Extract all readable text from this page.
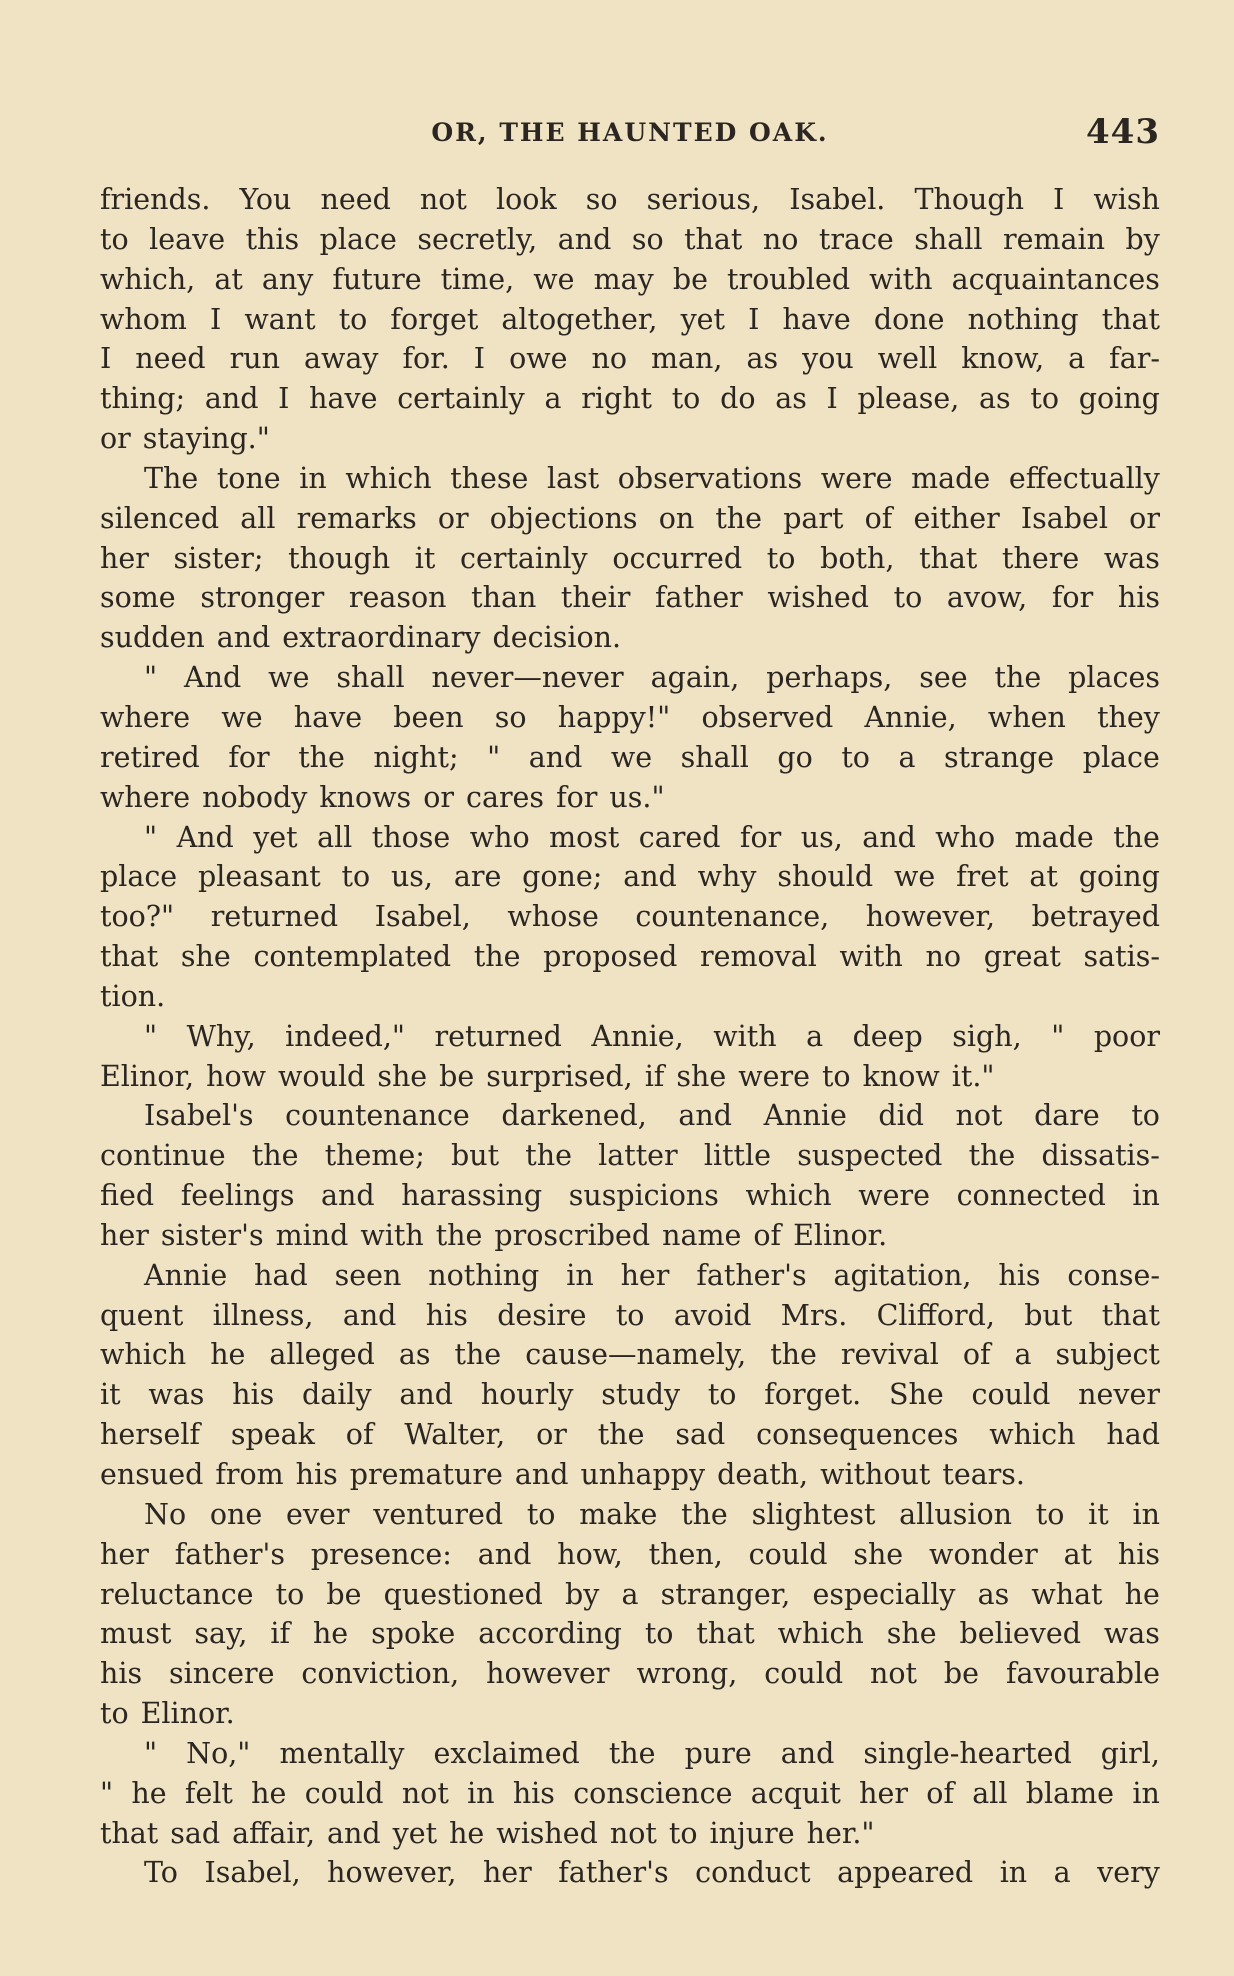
OR, THE HAUNTED OAK.	443
friends. You need not look so serious, Isabel. Though I wish
to leave this place secretly, and so that no trace shall remain by
which, at any future time, we may be troubled with acquaintances
whom I want to forget altogether, yet I have done nothing that
I need run away for. I owe no man, as you well know, a far-
thing; and I have certainly a right to do as I please, as to going
or staying."
The tone in which these last observations were made effectually
silenced all remarks or objections on the part of either Isabel or
her sister; though it certainly occurred to both, that there was
some stronger reason than their father wished to avow, for his
sudden and extraordinary decision.
" And we shall never—never again, perhaps, see the places
where we have been so happy!" observed Annie, when they
retired for the night; " and we shall go to a strange place
where nobody knows or cares for us."
" And yet all those who most cared for us, and who made the
place pleasant to us, are gone; and why should we fret at going
too?" returned Isabel, whose countenance, however, betrayed
that she contemplated the proposed removal with no great satis-
tion.
" Why, indeed," returned Annie, with a deep sigh, " poor
Elinor, how would she be surprised, if she were to know it."
Isabel's countenance darkened, and Annie did not dare to
continue the theme; but the latter little suspected the dissatis-
fied feelings and harassing suspicions which were connected in
her sister's mind with the proscribed name of Elinor.
Annie had seen nothing in her father's agitation, his conse-
quent illness, and his desire to avoid Mrs. Clifford, but that
which he alleged as the cause—namely, the revival of a subject
it was his daily and hourly study to forget. She could never
herself speak of Walter, or the sad consequences which had
ensued from his premature and unhappy death, without tears.
No one ever ventured to make the slightest allusion to it in
her father's presence: and how, then, could she wonder at his
reluctance to be questioned by a stranger, especially as what he
must say, if he spoke according to that which she believed was
his sincere conviction, however wrong, could not be favourable
to Elinor.
" No," mentally exclaimed the pure and single-hearted girl,
" he felt he could not in his conscience acquit her of all blame in
that sad affair, and yet he wished not to injure her."
To Isabel, however, her father's conduct appeared in a very
